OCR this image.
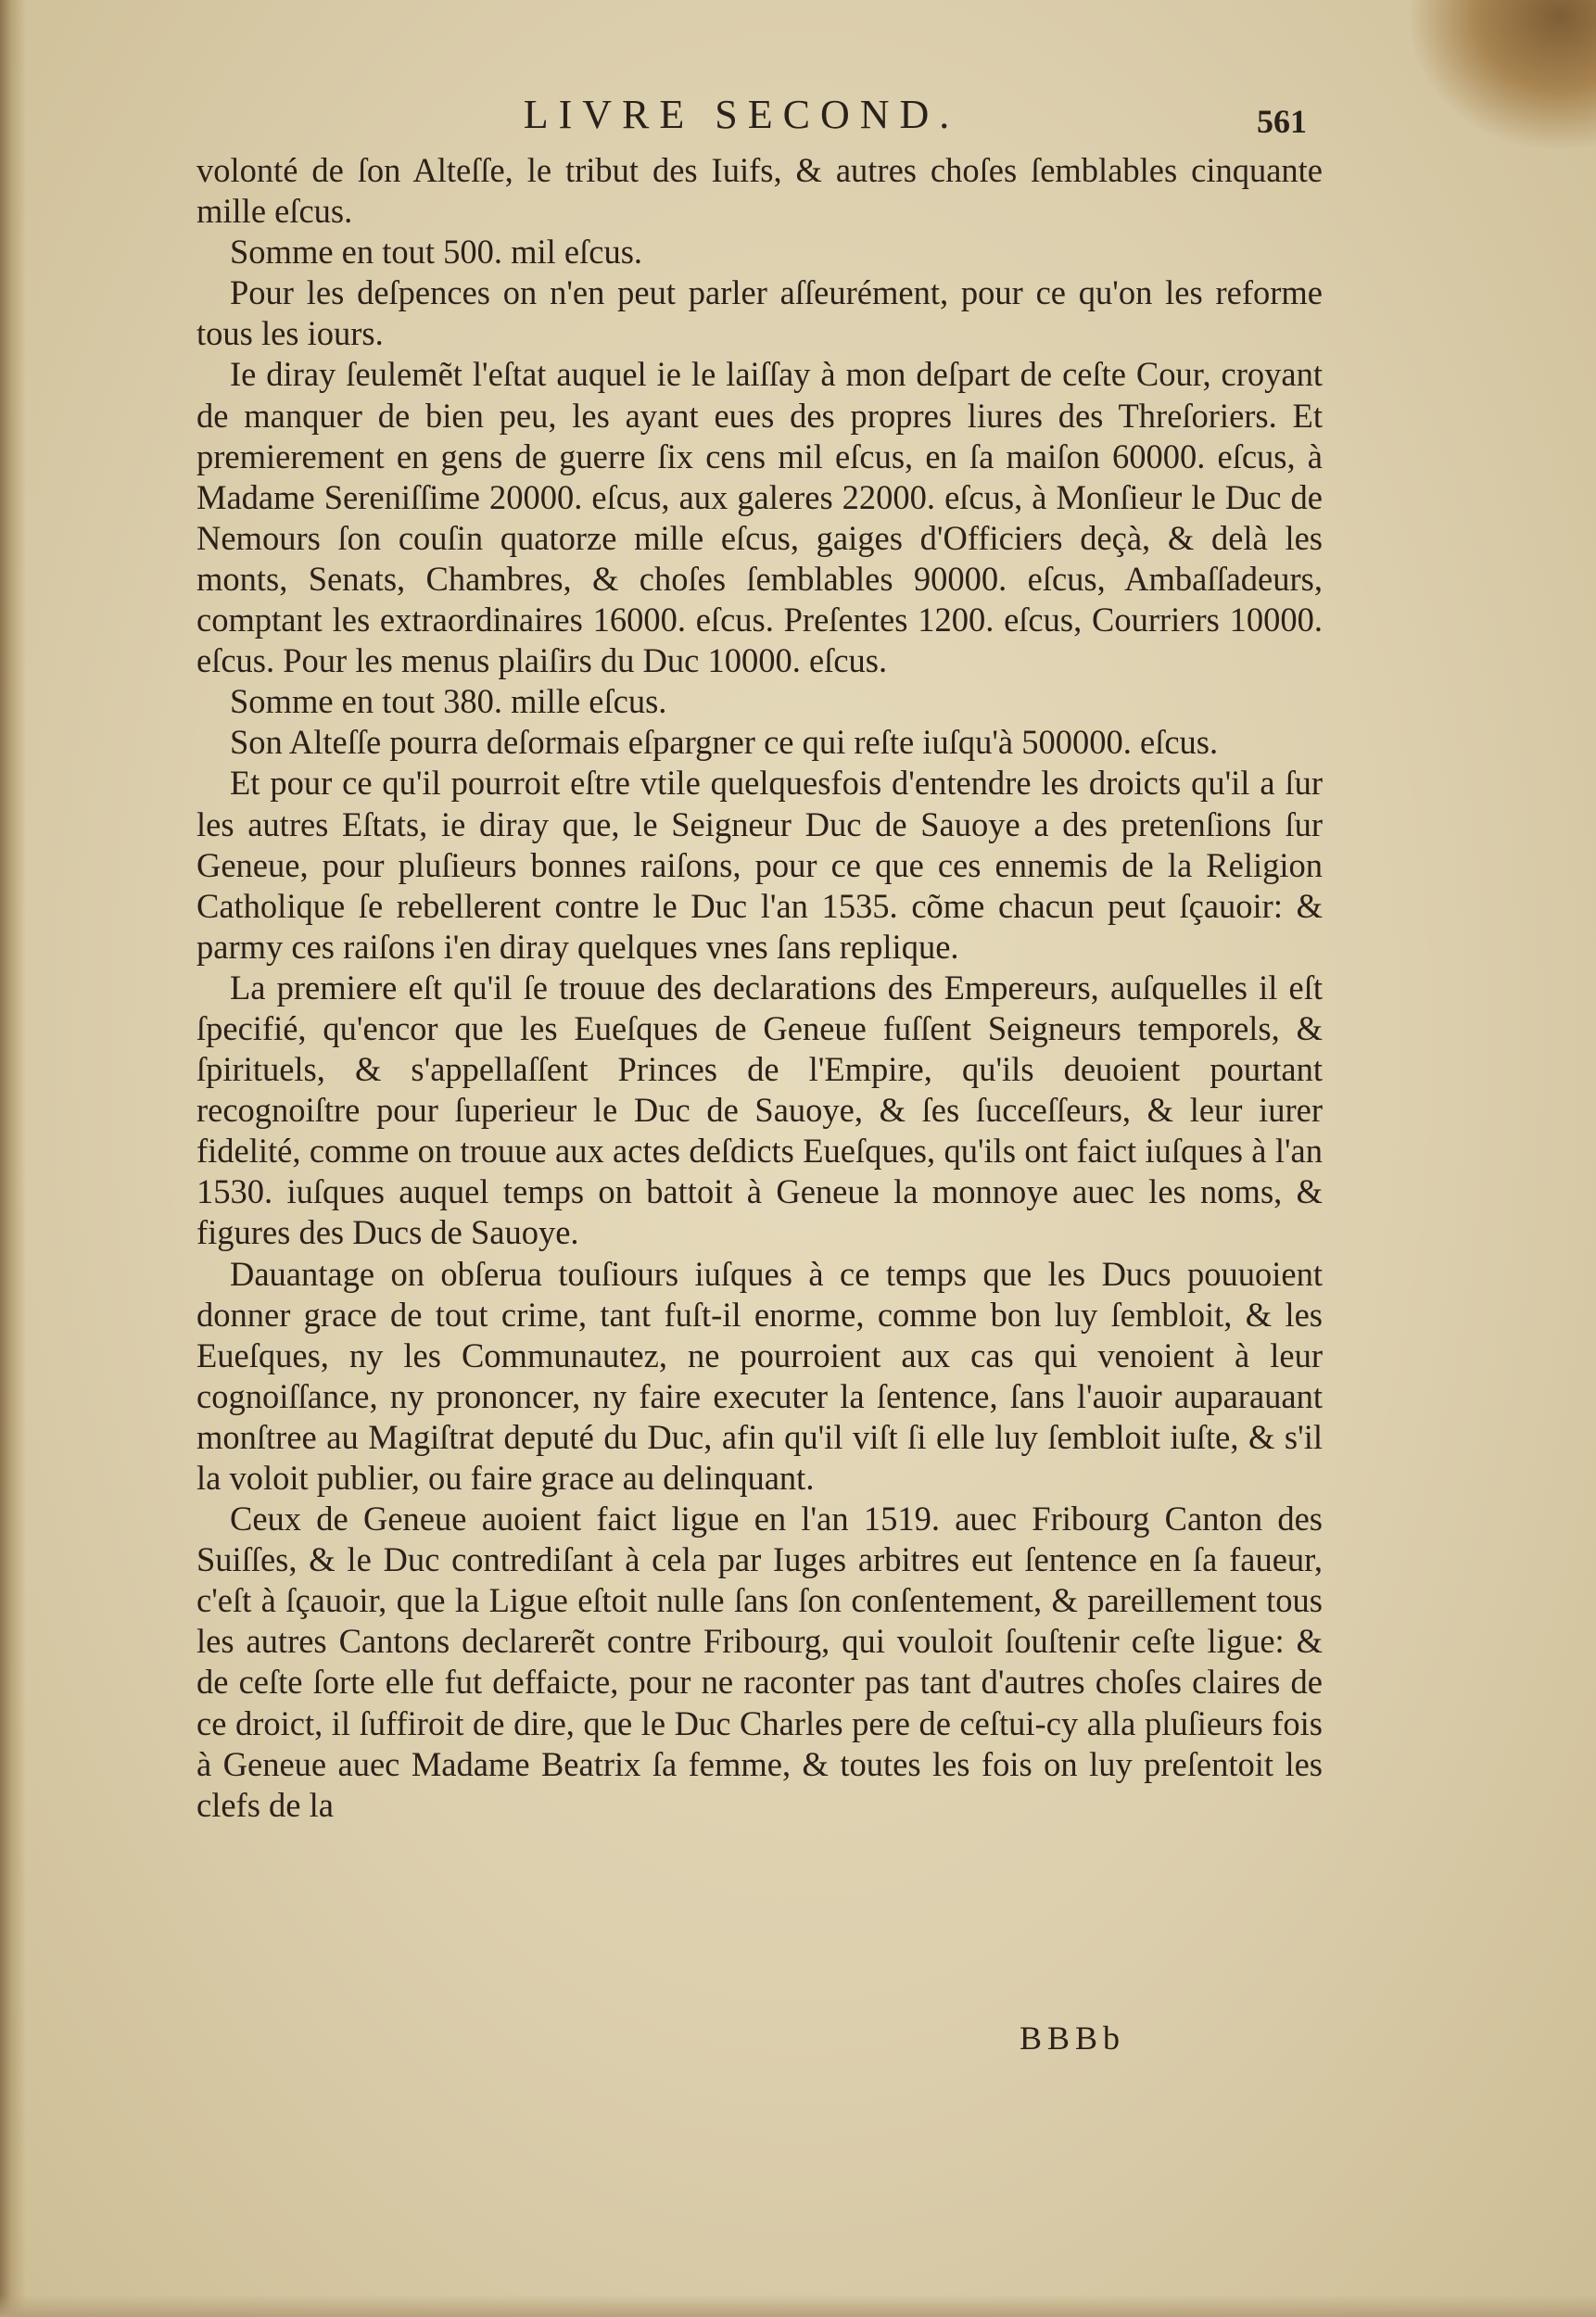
LIVRE SECOND.	561

volonté de ſon Alteſſe, le tribut des Iuifs, & autres choſes ſemblables cinquante mille eſcus.

Somme en tout 500. mil eſcus.

Pour les deſpences on n'en peut parler aſſeurément, pour ce qu'on les reforme tous les iours.

Ie diray ſeulemẽt l'eſtat auquel ie le laiſſay à mon deſpart de ceſte Cour, croyant de manquer de bien peu, les ayant eues des propres liures des Threſoriers. Et premierement en gens de guerre ſix cens mil eſcus, en ſa maiſon 60000. eſcus, à Madame Sereniſſime 20000. eſcus, aux galeres 22000. eſcus, à Monſieur le Duc de Nemours ſon couſin quatorze mille eſcus, gaiges d'Officiers deçà, & delà les monts, Senats, Chambres, & choſes ſemblables 90000. eſcus, Ambaſſadeurs, comptant les extraordinaires 16000. eſcus. Preſentes 1200. eſcus, Courriers 10000. eſcus. Pour les menus plaiſirs du Duc 10000. eſcus.

Somme en tout 380. mille eſcus.

Son Alteſſe pourra deſormais eſpargner ce qui reſte iuſqu'à 500000. eſcus.

Et pour ce qu'il pourroit eſtre vtile quelquesfois d'entendre les droicts qu'il a ſur les autres Eſtats, ie diray que, le Seigneur Duc de Sauoye a des pretenſions ſur Geneue, pour pluſieurs bonnes raiſons, pour ce que ces ennemis de la Religion Catholique ſe rebellerent contre le Duc l'an 1535. cõme chacun peut ſçauoir: & parmy ces raiſons i'en diray quelques vnes ſans replique.

La premiere eſt qu'il ſe trouue des declarations des Empereurs, auſquelles il eſt ſpecifié, qu'encor que les Eueſques de Geneue fuſſent Seigneurs temporels, & ſpirituels, & s'appellaſſent Princes de l'Empire, qu'ils deuoient pourtant recognoiſtre pour ſuperieur le Duc de Sauoye, & ſes ſucceſſeurs, & leur iurer fidelité, comme on trouue aux actes deſdicts Eueſques, qu'ils ont faict iuſques à l'an 1530. iuſques auquel temps on battoit à Geneue la monnoye auec les noms, & figures des Ducs de Sauoye.

Dauantage on obſerua touſiours iuſques à ce temps que les Ducs pouuoient donner grace de tout crime, tant fuſt-il enorme, comme bon luy ſembloit, & les Eueſques, ny les Communautez, ne pourroient aux cas qui venoient à leur cognoiſſance, ny prononcer, ny faire executer la ſentence, ſans l'auoir auparauant monſtree au Magiſtrat deputé du Duc, afin qu'il viſt ſi elle luy ſembloit iuſte, & s'il la voloit publier, ou faire grace au delinquant.

Ceux de Geneue auoient faict ligue en l'an 1519. auec Fribourg Canton des Suiſſes, & le Duc contrediſant à cela par Iuges arbitres eut ſentence en ſa faueur, c'eſt à ſçauoir, que la Ligue eſtoit nulle ſans ſon conſentement, & pareillement tous les autres Cantons declarerẽt contre Fribourg, qui vouloit ſouſtenir ceſte ligue: & de ceſte ſorte elle fut deffaicte, pour ne raconter pas tant d'autres choſes claires de ce droict, il ſuffiroit de dire, que le Duc Charles pere de ceſtui-cy alla pluſieurs fois à Geneue auec Madame Beatrix ſa femme, & toutes les fois on luy preſentoit les clefs de la

BBBb
